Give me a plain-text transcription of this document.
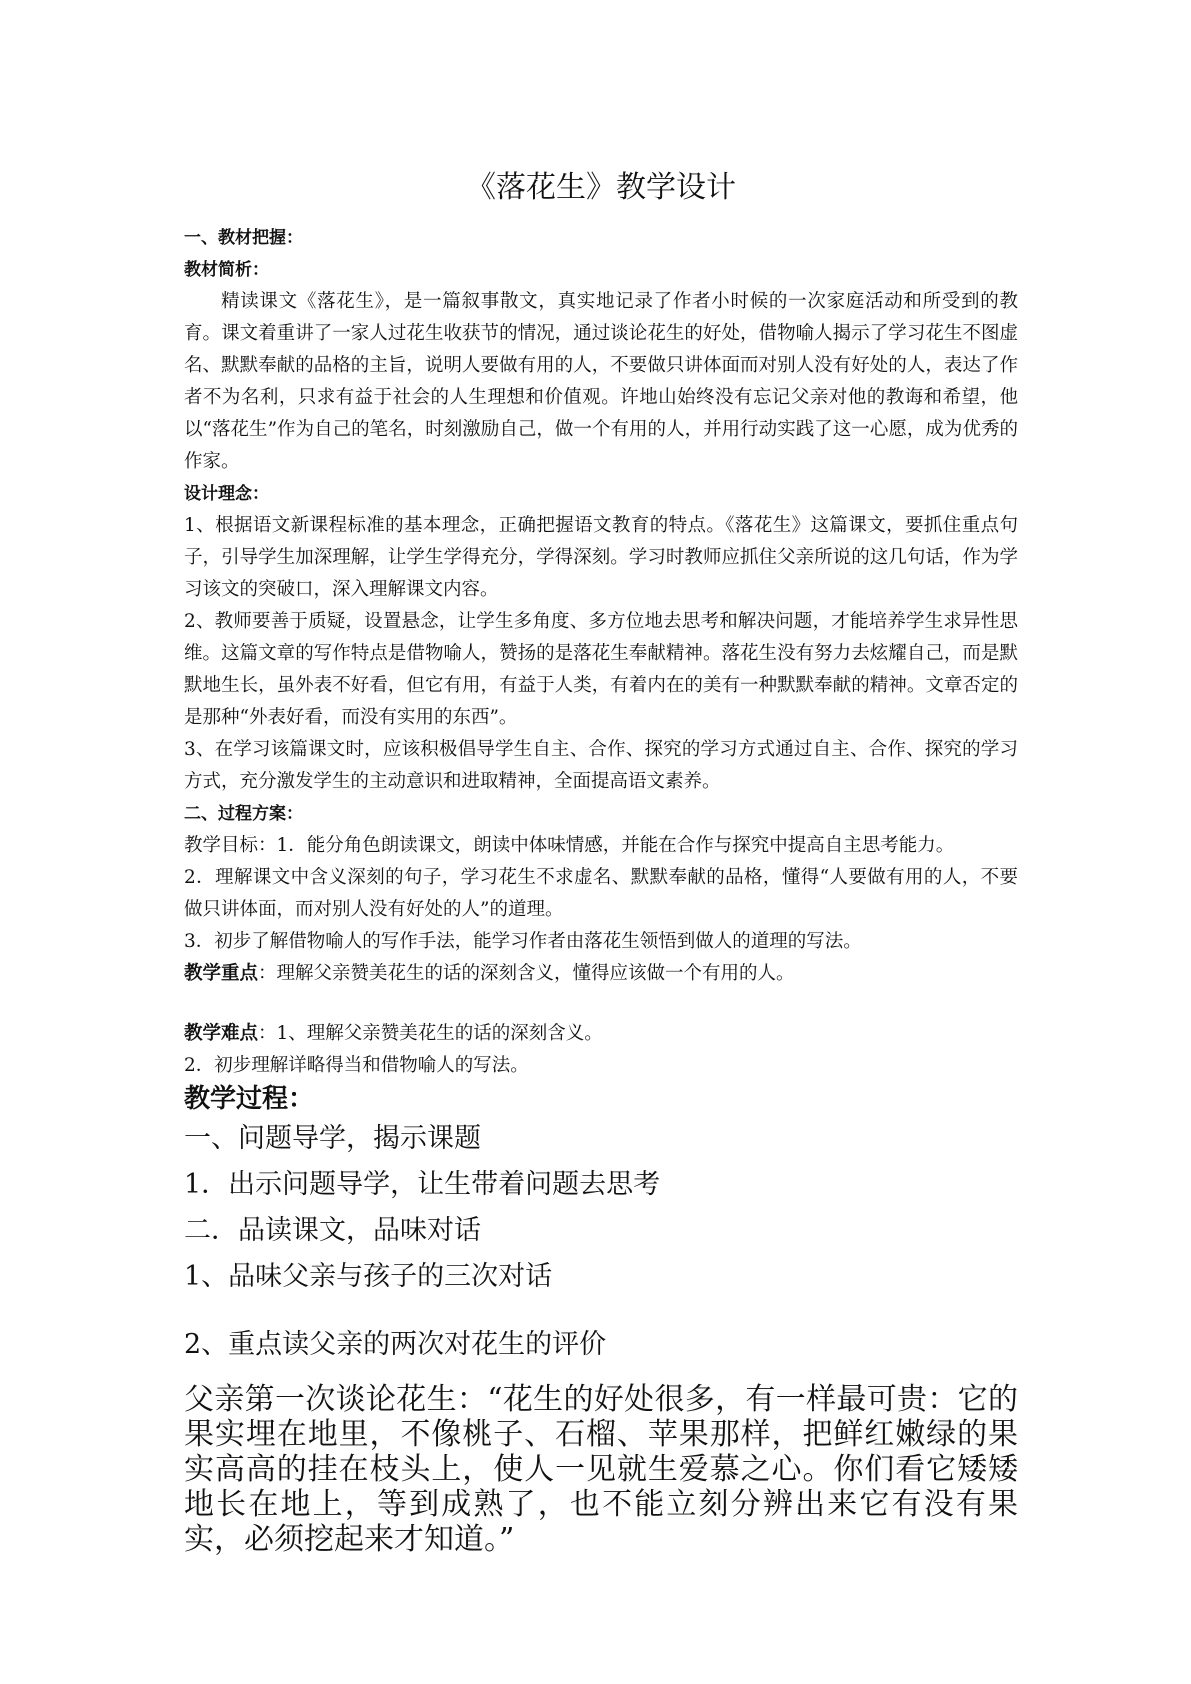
《落花生》教学设计

一、教材把握：

教材简析：

精读课文《落花生》，是一篇叙事散文，真实地记录了作者小时候的一次家庭活动和所受到的教育。课文着重讲了一家人过花生收获节的情况，通过谈论花生的好处，借物喻人揭示了学习花生不图虚名、默默奉献的品格的主旨，说明人要做有用的人，不要做只讲体面而对别人没有好处的人，表达了作者不为名利，只求有益于社会的人生理想和价值观。许地山始终没有忘记父亲对他的教诲和希望，他以“落花生”作为自己的笔名，时刻激励自己，做一个有用的人，并用行动实践了这一心愿，成为优秀的作家。

设计理念：

1、根据语文新课程标准的基本理念，正确把握语文教育的特点。《落花生》这篇课文，要抓住重点句子，引导学生加深理解，让学生学得充分，学得深刻。学习时教师应抓住父亲所说的这几句话，作为学习该文的突破口，深入理解课文内容。

2、教师要善于质疑，设置悬念，让学生多角度、多方位地去思考和解决问题，才能培养学生求异性思维。这篇文章的写作特点是借物喻人，赞扬的是落花生奉献精神。落花生没有努力去炫耀自己，而是默默地生长，虽外表不好看，但它有用，有益于人类，有着内在的美有一种默默奉献的精神。文章否定的是那种“外表好看，而没有实用的东西”。

3、在学习该篇课文时，应该积极倡导学生自主、合作、探究的学习方式通过自主、合作、探究的学习方式，充分激发学生的主动意识和进取精神，全面提高语文素养。

二、过程方案：

教学目标：1．能分角色朗读课文，朗读中体味情感，并能在合作与探究中提高自主思考能力。

2．理解课文中含义深刻的句子，学习花生不求虚名、默默奉献的品格，懂得“人要做有用的人，不要做只讲体面，而对别人没有好处的人”的道理。

3．初步了解借物喻人的写作手法，能学习作者由落花生领悟到做人的道理的写法。

教学重点：理解父亲赞美花生的话的深刻含义，懂得应该做一个有用的人。

教学难点：1、理解父亲赞美花生的话的深刻含义。

2．初步理解详略得当和借物喻人的写法。

教学过程：

一、问题导学，揭示课题

1．出示问题导学，让生带着问题去思考

二．品读课文，品味对话

1、品味父亲与孩子的三次对话

2、重点读父亲的两次对花生的评价

父亲第一次谈论花生：“花生的好处很多，有一样最可贵：它的果实埋在地里，不像桃子、石榴、苹果那样，把鲜红嫩绿的果实高高的挂在枝头上，使人一见就生爱慕之心。你们看它矮矮地长在地上，等到成熟了，也不能立刻分辨出来它有没有果实，必须挖起来才知道。”
